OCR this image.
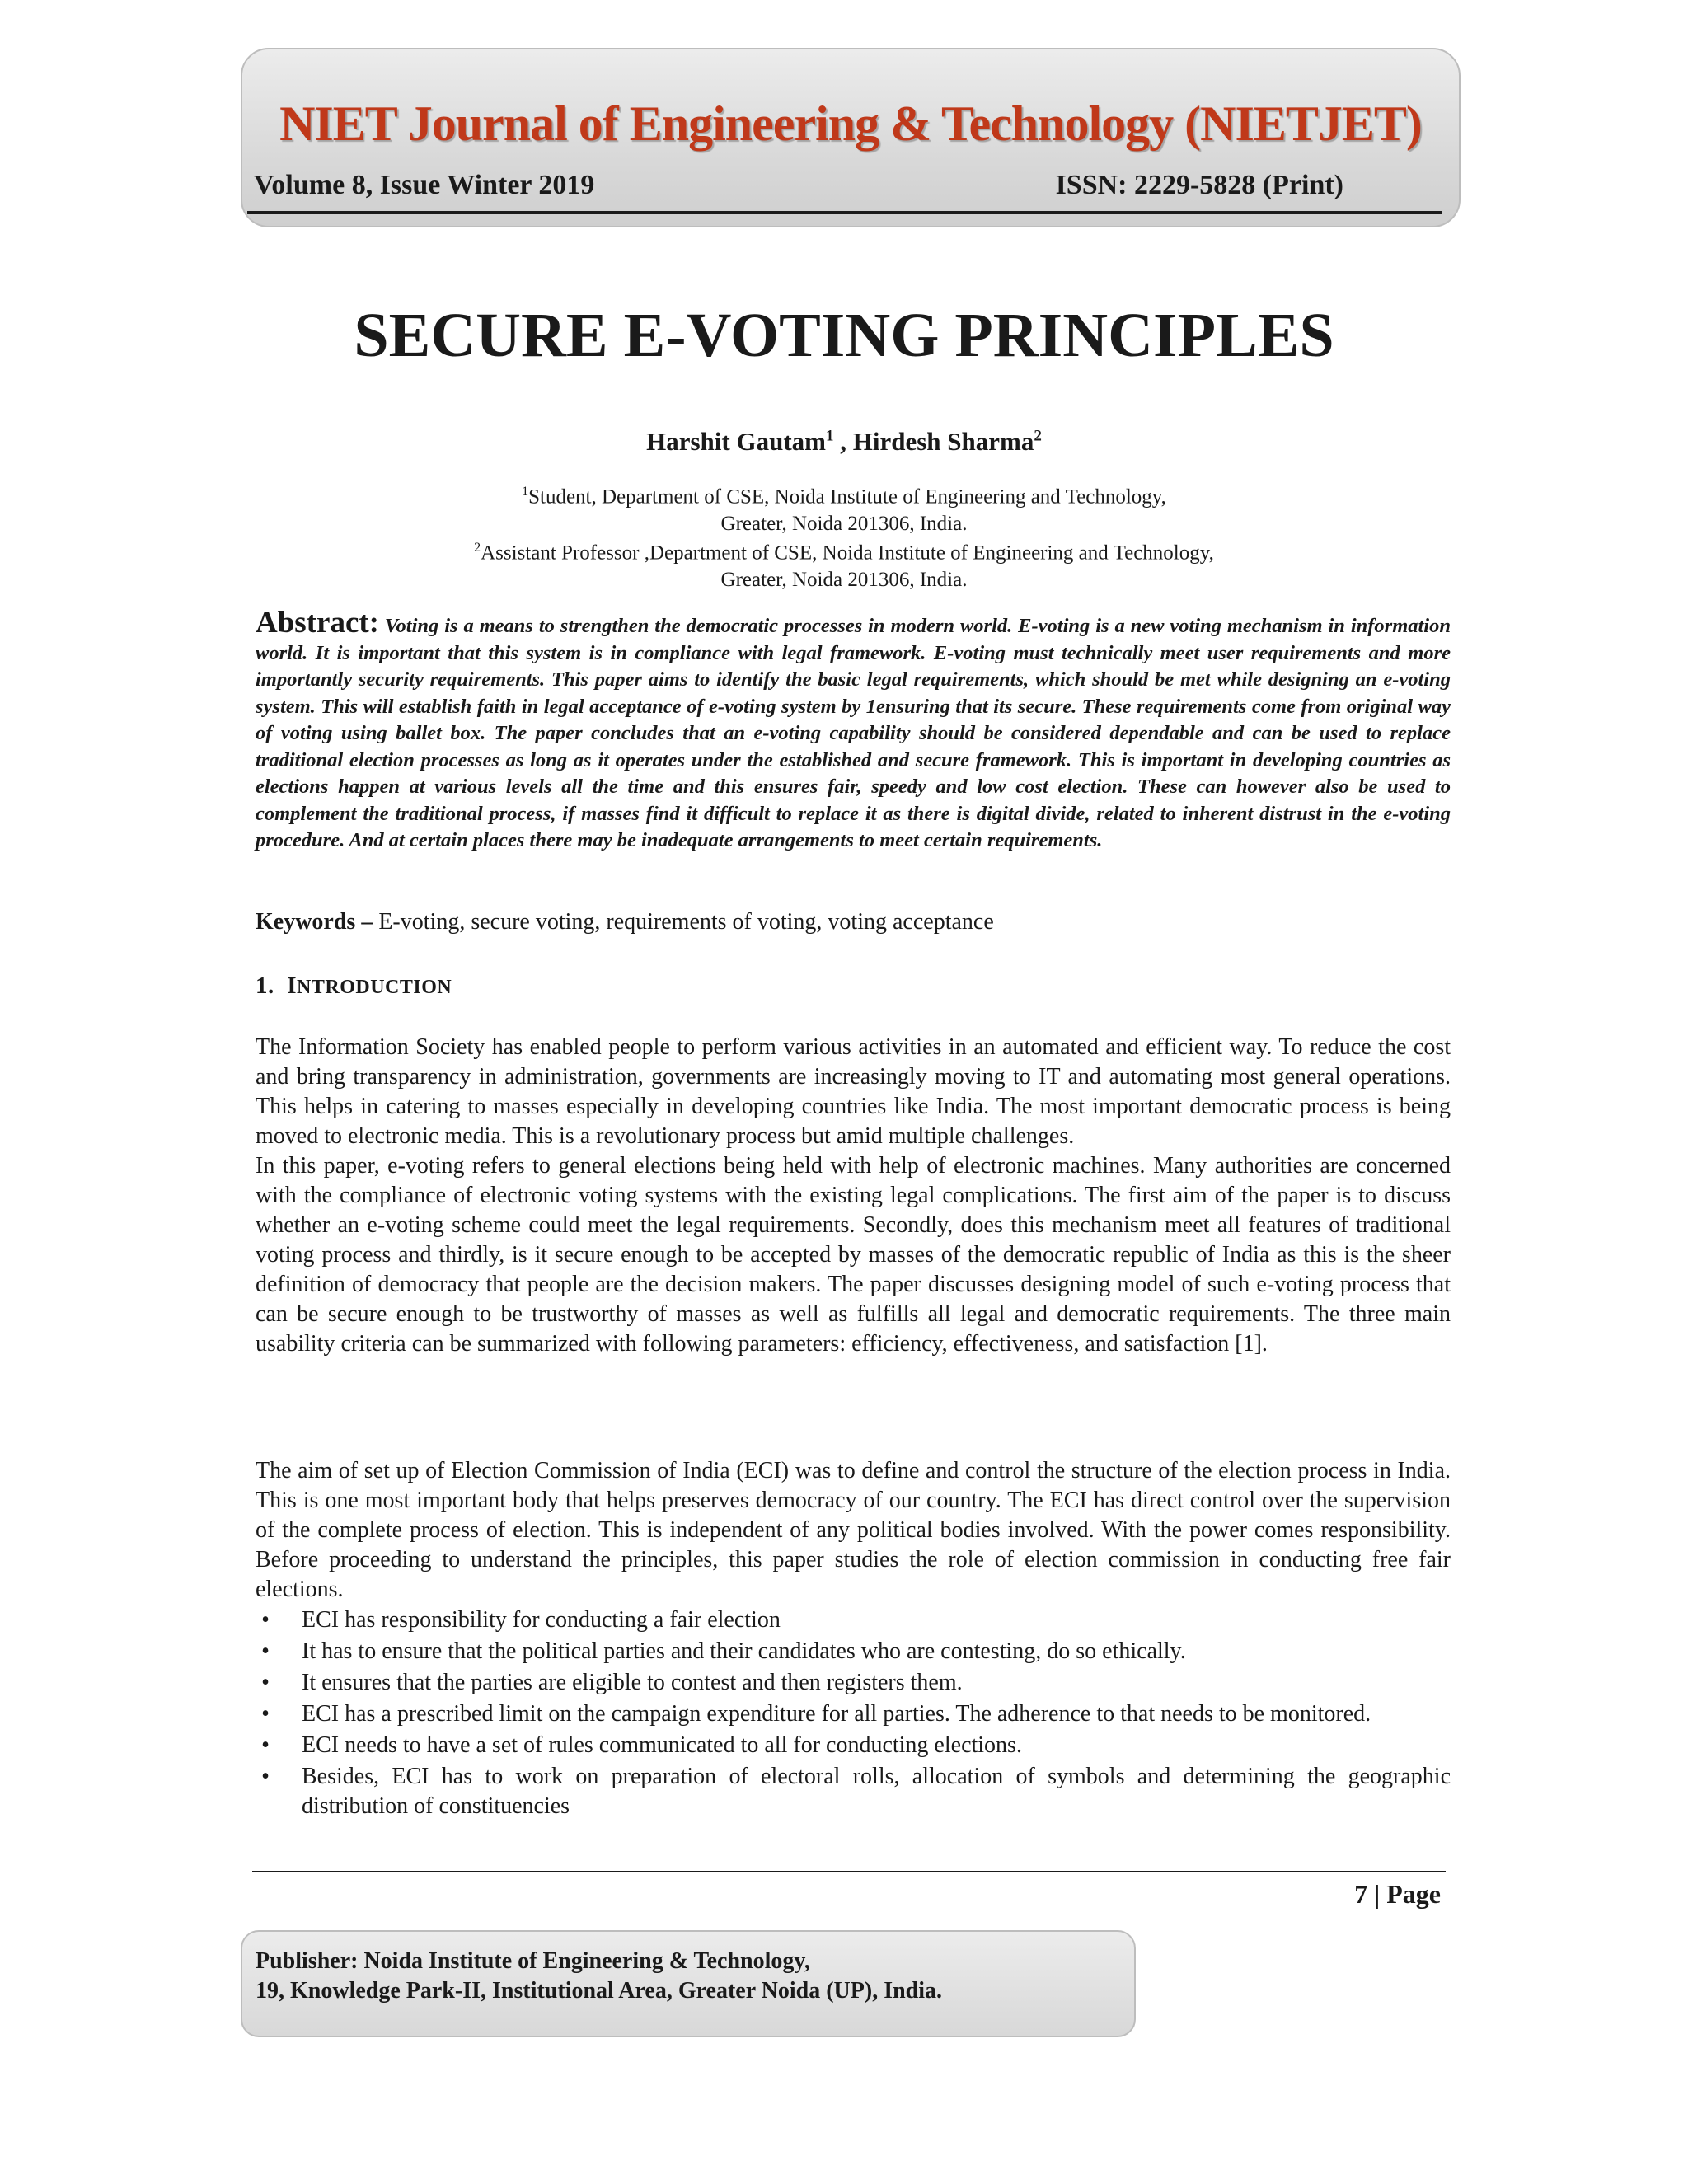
NIET Journal of Engineering & Technology (NIETJET)
Volume 8, Issue Winter 2019	ISSN: 2229-5828 (Print)
SECURE E-VOTING PRINCIPLES
Harshit Gautam$^1$ , Hirdesh Sharma$^2$
$^1$Student, Department of CSE, Noida Institute of Engineering and Technology,
Greater, Noida 201306, India.
$^2$Assistant Professor ,Department of CSE, Noida Institute of Engineering and Technology,
Greater, Noida 201306, India.
Abstract: Voting is a means to strengthen the democratic processes in modern world. E-voting is a new voting mechanism in information world. It is important that this system is in compliance with legal framework. E-voting must technically meet user requirements and more importantly security requirements. This paper aims to identify the basic legal requirements, which should be met while designing an e-voting system. This will establish faith in legal acceptance of e-voting system by 1ensuring that its secure. These requirements come from original way of voting using ballet box. The paper concludes that an e-voting capability should be considered dependable and can be used to replace traditional election processes as long as it operates under the established and secure framework. This is important in developing countries as elections happen at various levels all the time and this ensures fair, speedy and low cost election. These can however also be used to complement the traditional process, if masses find it difficult to replace it as there is digital divide, related to inherent distrust in the e-voting procedure. And at certain places there may be inadequate arrangements to meet certain requirements.
Keywords – E-voting, secure voting, requirements of voting, voting acceptance
1. INTRODUCTION

The Information Society has enabled people to perform various activities in an automated and efficient way. To reduce the cost and bring transparency in administration, governments are increasingly moving to IT and automating most general operations. This helps in catering to masses especially in developing countries like India. The most important democratic process is being moved to electronic media. This is a revolutionary process but amid multiple challenges.

In this paper, e-voting refers to general elections being held with help of electronic machines. Many authorities are concerned with the compliance of electronic voting systems with the existing legal complications. The first aim of the paper is to discuss whether an e-voting scheme could meet the legal requirements. Secondly, does this mechanism meet all features of traditional voting process and thirdly, is it secure enough to be accepted by masses of the democratic republic of India as this is the sheer definition of democracy that people are the decision makers. The paper discusses designing model of such e-voting process that can be secure enough to be trustworthy of masses as well as fulfills all legal and democratic requirements. The three main usability criteria can be summarized with following parameters: efficiency, effectiveness, and satisfaction [1].

The aim of set up of Election Commission of India (ECI) was to define and control the structure of the election process in India. This is one most important body that helps preserves democracy of our country. The ECI has direct control over the supervision of the complete process of election. This is independent of any political bodies involved. With the power comes responsibility. Before proceeding to understand the principles, this paper studies the role of election commission in conducting free fair elections.

• ECI has responsibility for conducting a fair election
• It has to ensure that the political parties and their candidates who are contesting, do so ethically.
• It ensures that the parties are eligible to contest and then registers them.
• ECI has a prescribed limit on the campaign expenditure for all parties. The adherence to that needs to be monitored.
• ECI needs to have a set of rules communicated to all for conducting elections.
• Besides, ECI has to work on preparation of electoral rolls, allocation of symbols and determining the geographic distribution of constituencies
7 | Page
Publisher: Noida Institute of Engineering & Technology,
19, Knowledge Park-II, Institutional Area, Greater Noida (UP), India.
